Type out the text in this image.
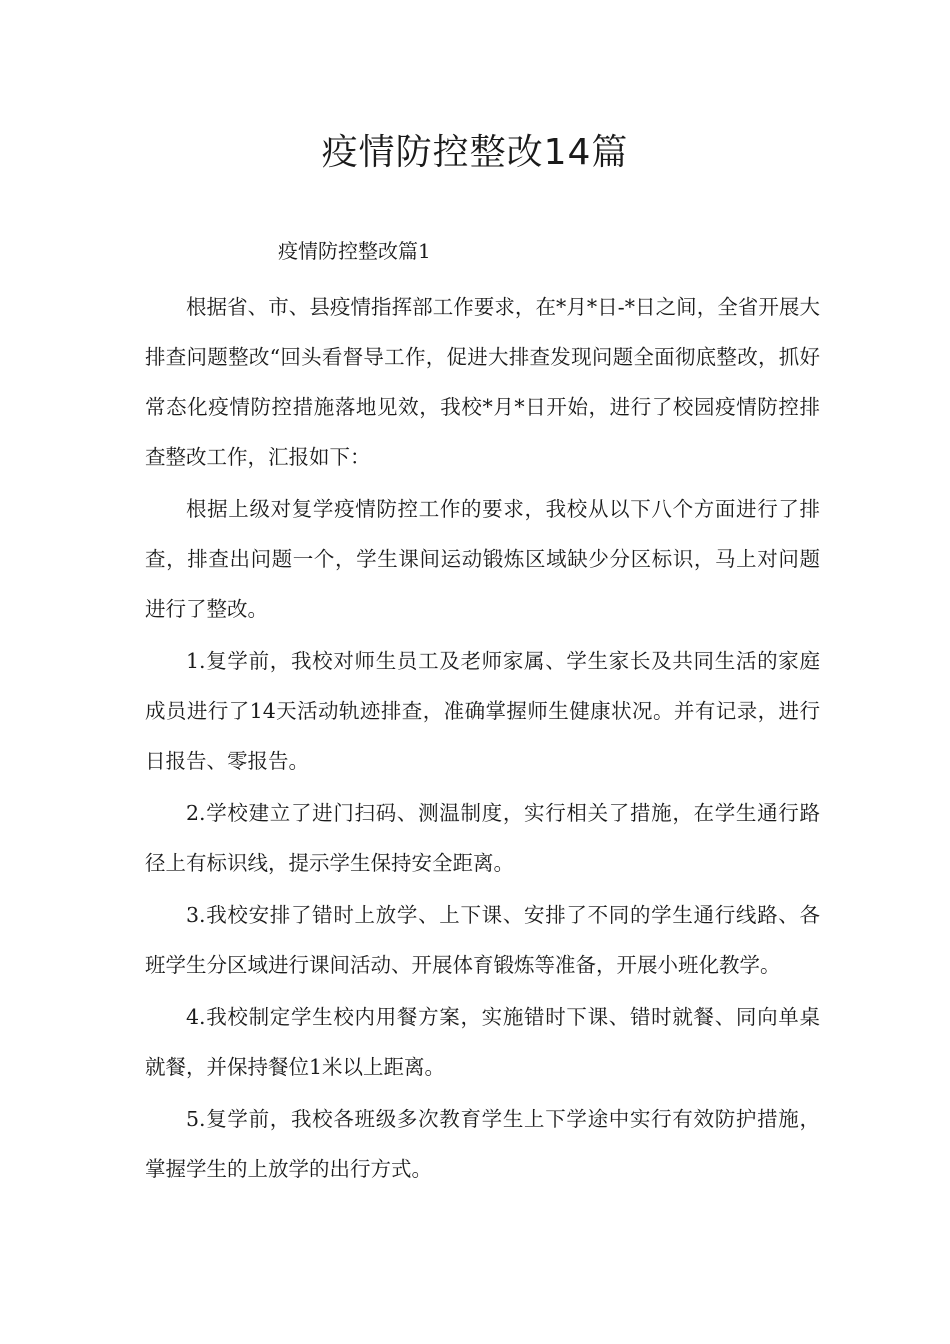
疫情防控整改14篇
疫情防控整改篇1

根据省、市、县疫情指挥部工作要求，在*月*日-*日之间，全省开展大排查问题整改“回头看督导工作，促进大排查发现问题全面彻底整改，抓好常态化疫情防控措施落地见效，我校*月*日开始，进行了校园疫情防控排查整改工作，汇报如下：

根据上级对复学疫情防控工作的要求，我校从以下八个方面进行了排查，排查出问题一个，学生课间运动锻炼区域缺少分区标识，马上对问题进行了整改。

1.复学前，我校对师生员工及老师家属、学生家长及共同生活的家庭成员进行了14天活动轨迹排查，准确掌握师生健康状况。并有记录，进行日报告、零报告。

2.学校建立了进门扫码、测温制度，实行相关了措施，在学生通行路径上有标识线，提示学生保持安全距离。

3.我校安排了错时上放学、上下课、安排了不同的学生通行线路、各班学生分区域进行课间活动、开展体育锻炼等准备，开展小班化教学。

4.我校制定学生校内用餐方案，实施错时下课、错时就餐、同向单桌就餐，并保持餐位1米以上距离。

5.复学前，我校各班级多次教育学生上下学途中实行有效防护措施，掌握学生的上放学的出行方式。
